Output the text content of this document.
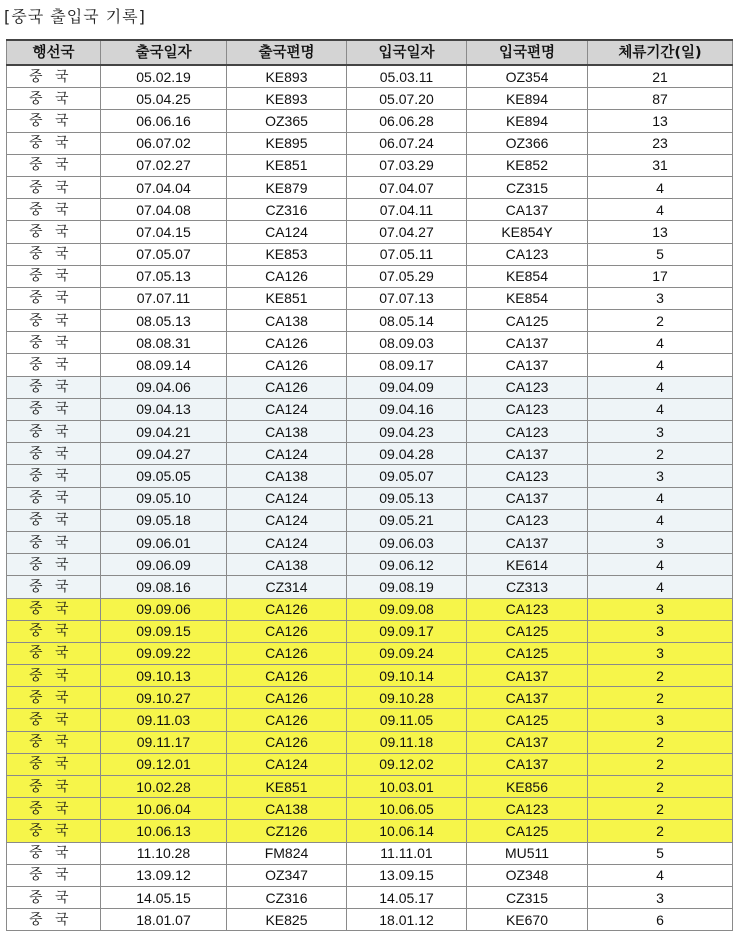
[중국 출입국 기록]
행선국	출국일자	출국편명	입국일자	입국편명	체류기간(일)
중 국	05.02.19	KE893	05.03.11	OZ354	21
중 국	05.04.25	KE893	05.07.20	KE894	87
중 국	06.06.16	OZ365	06.06.28	KE894	13
중 국	06.07.02	KE895	06.07.24	OZ366	23
중 국	07.02.27	KE851	07.03.29	KE852	31
중 국	07.04.04	KE879	07.04.07	CZ315	4
중 국	07.04.08	CZ316	07.04.11	CA137	4
중 국	07.04.15	CA124	07.04.27	KE854Y	13
중 국	07.05.07	KE853	07.05.11	CA123	5
중 국	07.05.13	CA126	07.05.29	KE854	17
중 국	07.07.11	KE851	07.07.13	KE854	3
중 국	08.05.13	CA138	08.05.14	CA125	2
중 국	08.08.31	CA126	08.09.03	CA137	4
중 국	08.09.14	CA126	08.09.17	CA137	4
중 국	09.04.06	CA126	09.04.09	CA123	4
중 국	09.04.13	CA124	09.04.16	CA123	4
중 국	09.04.21	CA138	09.04.23	CA123	3
중 국	09.04.27	CA124	09.04.28	CA137	2
중 국	09.05.05	CA138	09.05.07	CA123	3
중 국	09.05.10	CA124	09.05.13	CA137	4
중 국	09.05.18	CA124	09.05.21	CA123	4
중 국	09.06.01	CA124	09.06.03	CA137	3
중 국	09.06.09	CA138	09.06.12	KE614	4
중 국	09.08.16	CZ314	09.08.19	CZ313	4
중 국	09.09.06	CA126	09.09.08	CA123	3
중 국	09.09.15	CA126	09.09.17	CA125	3
중 국	09.09.22	CA126	09.09.24	CA125	3
중 국	09.10.13	CA126	09.10.14	CA137	2
중 국	09.10.27	CA126	09.10.28	CA137	2
중 국	09.11.03	CA126	09.11.05	CA125	3
중 국	09.11.17	CA126	09.11.18	CA137	2
중 국	09.12.01	CA124	09.12.02	CA137	2
중 국	10.02.28	KE851	10.03.01	KE856	2
중 국	10.06.04	CA138	10.06.05	CA123	2
중 국	10.06.13	CZ126	10.06.14	CA125	2
중 국	11.10.28	FM824	11.11.01	MU511	5
중 국	13.09.12	OZ347	13.09.15	OZ348	4
중 국	14.05.15	CZ316	14.05.17	CZ315	3
중 국	18.01.07	KE825	18.01.12	KE670	6
